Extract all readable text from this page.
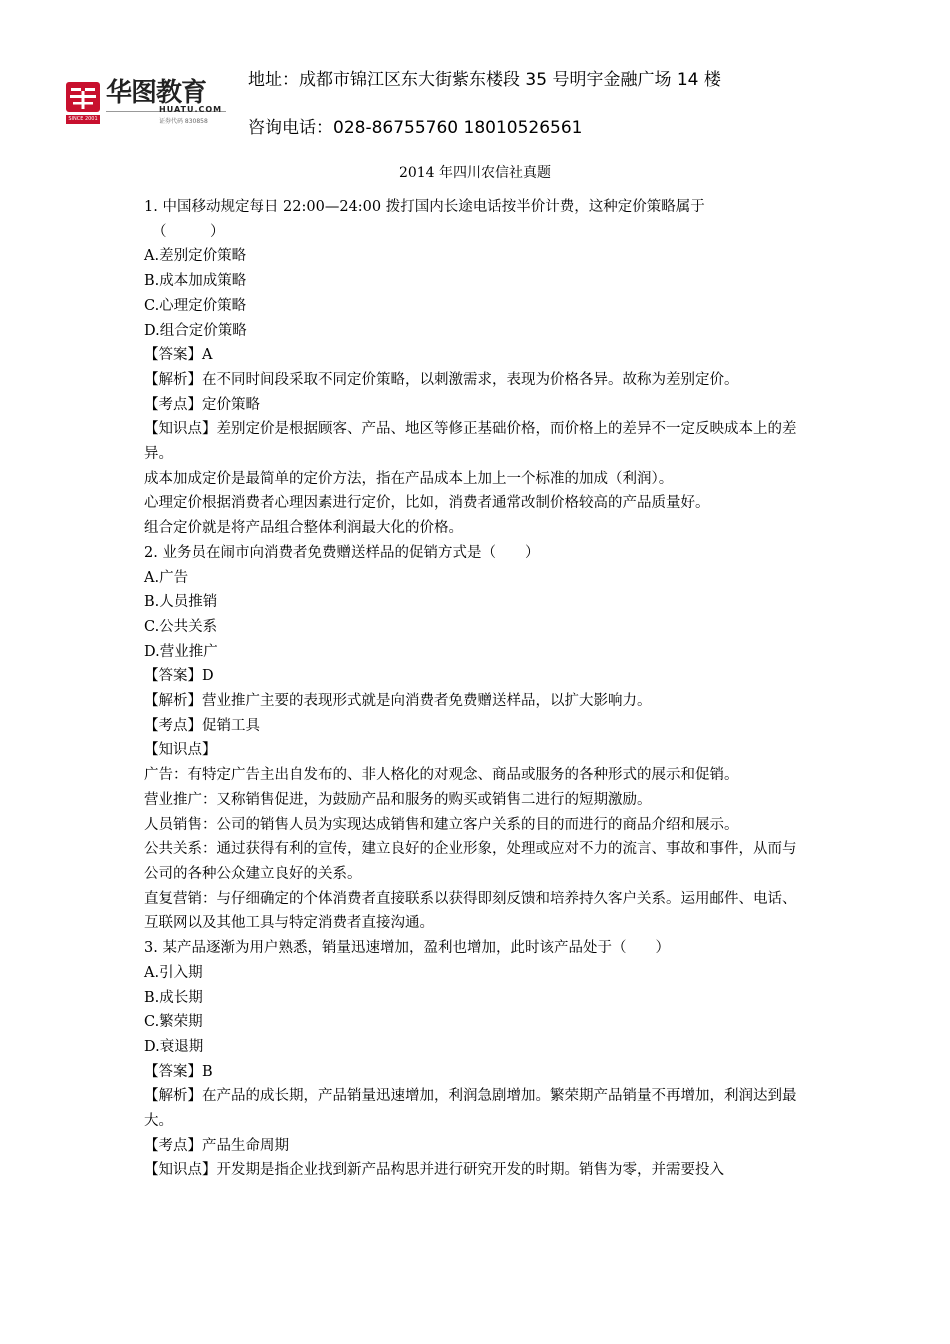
SINCE 2001
华图教育
HUATU.COM
证券代码 830858
地址：成都市锦江区东大街紫东楼段 35 号明宇金融广场 14 楼
咨询电话：028-86755760 18010526561
2014 年四川农信社真题

1. 中国移动规定每日 22:00—24:00 拨打国内长途电话按半价计费，这种定价策略属于

（　　　）

A.差别定价策略

B.成本加成策略

C.心理定价策略

D.组合定价策略

【答案】A

【解析】在不同时间段采取不同定价策略，以刺激需求，表现为价格各异。故称为差别定价。

【考点】定价策略

【知识点】差别定价是根据顾客、产品、地区等修正基础价格，而价格上的差异不一定反映成本上的差异。

成本加成定价是最简单的定价方法，指在产品成本上加上一个标准的加成（利润）。

心理定价根据消费者心理因素进行定价，比如，消费者通常改制价格较高的产品质量好。

组合定价就是将产品组合整体利润最大化的价格。

2. 业务员在闹市向消费者免费赠送样品的促销方式是（　　）

A.广告

B.人员推销

C.公共关系

D.营业推广

【答案】D

【解析】营业推广主要的表现形式就是向消费者免费赠送样品，以扩大影响力。

【考点】促销工具

【知识点】

广告：有特定广告主出自发布的、非人格化的对观念、商品或服务的各种形式的展示和促销。

营业推广：又称销售促进，为鼓励产品和服务的购买或销售二进行的短期激励。

人员销售：公司的销售人员为实现达成销售和建立客户关系的目的而进行的商品介绍和展示。

公共关系：通过获得有利的宣传，建立良好的企业形象，处理或应对不力的流言、事故和事件，从而与公司的各种公众建立良好的关系。

直复营销：与仔细确定的个体消费者直接联系以获得即刻反馈和培养持久客户关系。运用邮件、电话、互联网以及其他工具与特定消费者直接沟通。

3. 某产品逐渐为用户熟悉，销量迅速增加，盈利也增加，此时该产品处于（　　）

A.引入期

B.成长期

C.繁荣期

D.衰退期

【答案】B

【解析】在产品的成长期，产品销量迅速增加，利润急剧增加。繁荣期产品销量不再增加，利润达到最大。

【考点】产品生命周期

【知识点】开发期是指企业找到新产品构思并进行研究开发的时期。销售为零，并需要投入
